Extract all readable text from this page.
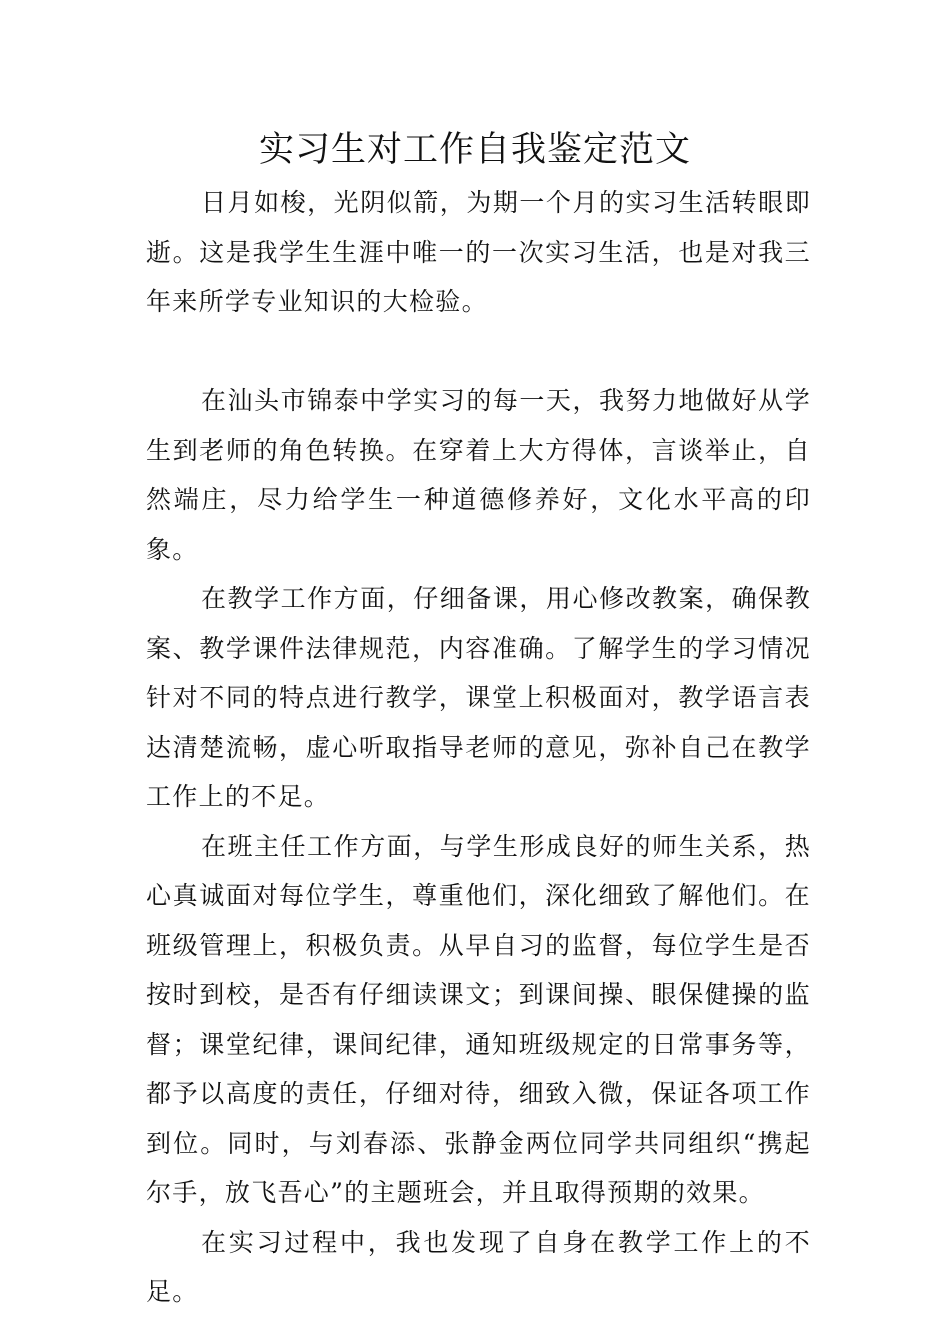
实习生对工作自我鉴定范文

日月如梭，光阴似箭，为期一个月的实习生活转眼即逝。这是我学生生涯中唯一的一次实习生活，也是对我三年来所学专业知识的大检验。

在汕头市锦泰中学实习的每一天，我努力地做好从学生到老师的角色转换。在穿着上大方得体，言谈举止，自然端庄，尽力给学生一种道德修养好，文化水平高的印象。

在教学工作方面，仔细备课，用心修改教案，确保教案、教学课件法律规范，内容准确。了解学生的学习情况针对不同的特点进行教学，课堂上积极面对，教学语言表达清楚流畅，虚心听取指导老师的意见，弥补自己在教学工作上的不足。

在班主任工作方面，与学生形成良好的师生关系，热心真诚面对每位学生，尊重他们，深化细致了解他们。在班级管理上，积极负责。从早自习的监督，每位学生是否按时到校，是否有仔细读课文；到课间操、眼保健操的监督；课堂纪律，课间纪律，通知班级规定的日常事务等，都予以高度的责任，仔细对待，细致入微，保证各项工作到位。同时，与刘春添、张静金两位同学共同组织“携起尔手，放飞吾心”的主题班会，并且取得预期的效果。

在实习过程中，我也发现了自身在教学工作上的不足。
